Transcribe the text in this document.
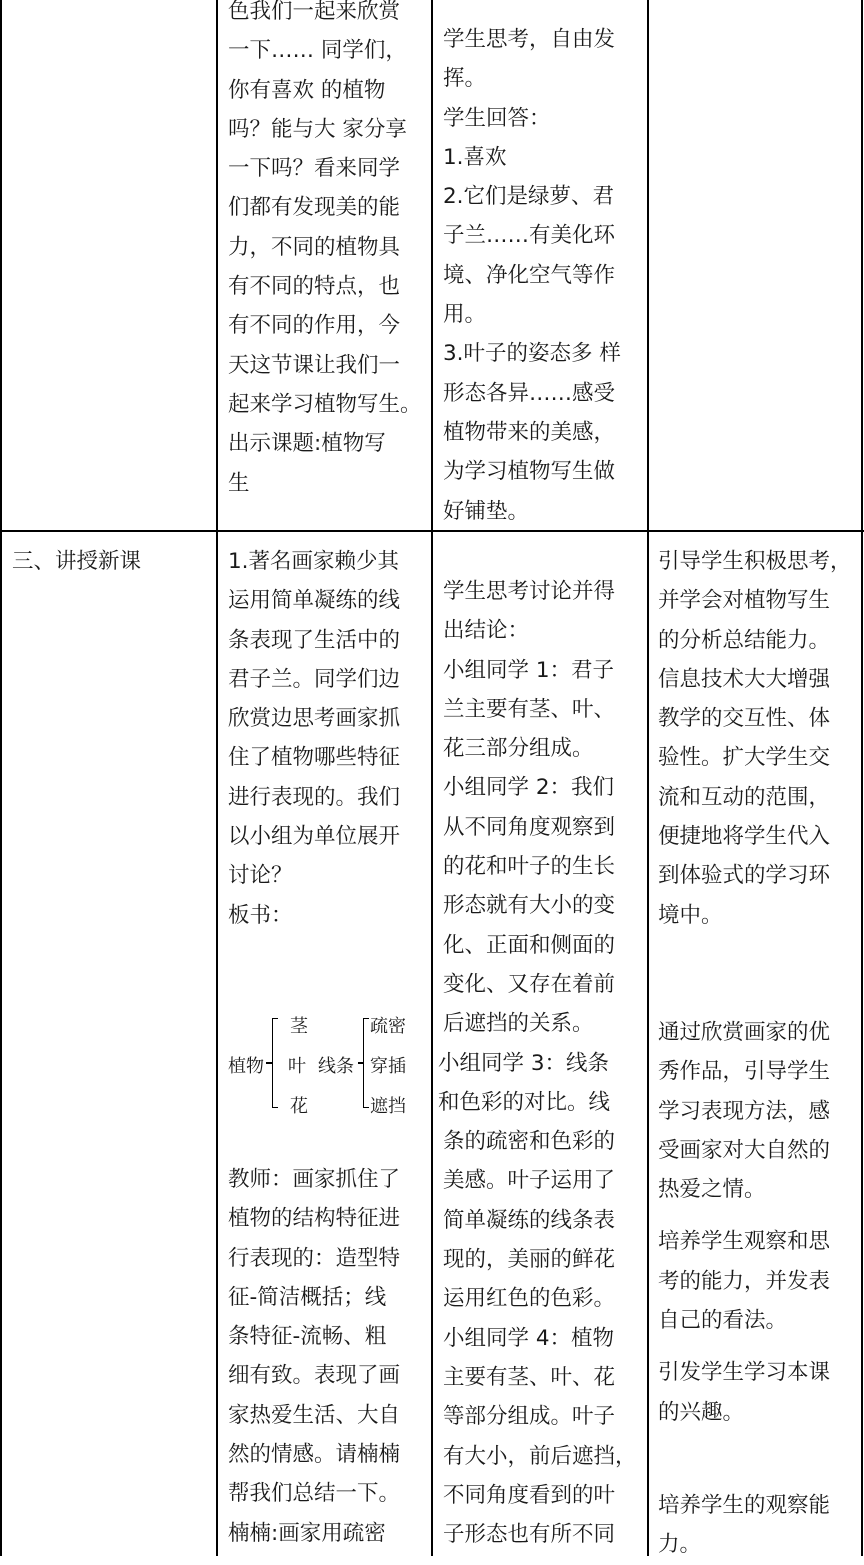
色我们一起来欣赏
一下…… 同学们，
你有喜欢 的植物
吗？能与大 家分享
一下吗？看来同学
们都有发现美的能
力，不同的植物具
有不同的特点，也
有不同的作用，今
天这节课让我们一
起来学习植物写生。
出示课题:植物写
生
学生思考，自由发
挥。
学生回答：
1.喜欢
2.它们是绿萝、君
子兰……有美化环
境、净化空气等作
用。
3.叶子的姿态多 样
形态各异……感受
植物带来的美感，
为学习植物写生做
好铺垫。
三、讲授新课	1.著名画家赖少其
运用简单凝练的线
条表现了生活中的
君子兰。同学们边
欣赏边思考画家抓
住了植物哪些特征
进行表现的。我们
以小组为单位展开
讨论？
板书：
植物
茎
叶 线条
花
疏密
穿插
遮挡
教师：画家抓住了
植物的结构特征进
行表现的：造型特
征-简洁概括；线
条特征-流畅、粗
细有致。表现了画
家热爱生活、大自
然的情感。请楠楠
帮我们总结一下。
楠楠:画家用疏密
学生思考讨论并得
出结论：
小组同学 1：君子
兰主要有茎、叶、
花三部分组成。
小组同学 2：我们
从不同角度观察到
的花和叶子的生长
形态就有大小的变
化、正面和侧面的
变化、又存在着前
后遮挡的关系。
小组同学 3：线条
和色彩的对比。线
条的疏密和色彩的
美感。叶子运用了
简单凝练的线条表
现的，美丽的鲜花
运用红色的色彩。
小组同学 4：植物
主要有茎、叶、花
等部分组成。叶子
有大小，前后遮挡，
不同角度看到的叶
子形态也有所不同
引导学生积极思考，
并学会对植物写生
的分析总结能力。
信息技术大大增强
教学的交互性、体
验性。扩大学生交
流和互动的范围，
便捷地将学生代入
到体验式的学习环
境中。
通过欣赏画家的优
秀作品，引导学生
学习表现方法，感
受画家对大自然的
热爱之情。
培养学生观察和思
考的能力，并发表
自己的看法。
引发学生学习本课
的兴趣。
培养学生的观察能
力。
